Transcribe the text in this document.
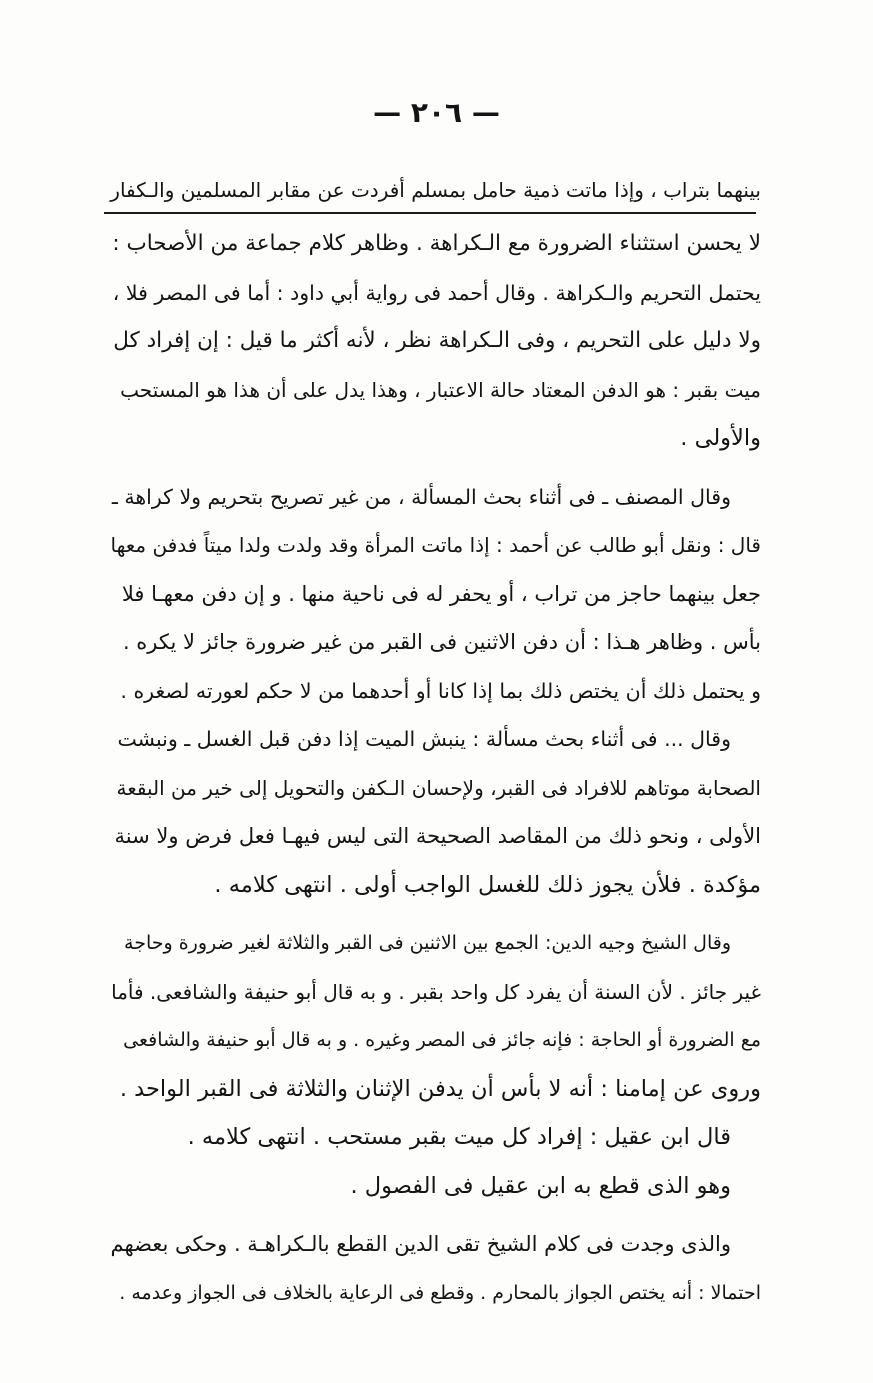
— ٢٠٦ —
بينهما بتراب ، وإذا ماتت ذمية حامل بمسلم أفردت عن مقابر المسلمين والـكفار
لا يحسن استثناء الضرورة مع الـكراهة . وظاهر كلام جماعة من الأصحاب :
يحتمل التحريم والـكراهة . وقال أحمد فى رواية أبي داود : أما فى المصر فلا ،
ولا دليل على التحريم ، وفى الـكراهة نظر ، لأنه أكثر ما قيل : إن إفراد كل
ميت بقبر : هو الدفن المعتاد حالة الاعتبار ، وهذا يدل على أن هذا هو المستحب
والأولى .
وقال المصنف ـ فى أثناء بحث المسألة ، من غير تصريح بتحريم ولا كراهة ـ
قال : ونقل أبو طالب عن أحمد : إذا ماتت المرأة وقد ولدت ولدا ميتاً فدفن معها
جعل بينهما حاجز من تراب ، أو يحفر له فى ناحية منها . و إن دفن معهـا فلا
بأس . وظاهر هـذا : أن دفن الاثنين فى القبر من غير ضرورة جائز لا يكره .
و يحتمل ذلك أن يختص ذلك بما إذا كانا أو أحدهما من لا حكم لعورته لصغره .
وقال ... فى أثناء بحث مسألة : ينبش الميت إذا دفن قبل الغسل ـ ونبشت
الصحابة موتاهم للافراد فى القبر، ولإحسان الـكفن والتحويل إلى خير من البقعة
الأولى ، ونحو ذلك من المقاصد الصحيحة التى ليس فيهـا فعل فرض ولا سنة
مؤكدة . فلأن يجوز ذلك للغسل الواجب أولى . انتهى كلامه .
وقال الشيخ وجيه الدين: الجمع بين الاثنين فى القبر والثلاثة لغير ضرورة وحاجة
غير جائز . لأن السنة أن يفرد كل واحد بقبر . و به قال أبو حنيفة والشافعى. فأما
مع الضرورة أو الحاجة : فإنه جائز فى المصر وغيره . و به قال أبو حنيفة والشافعى
وروى عن إمامنا : أنه لا بأس أن يدفن الإثنان والثلاثة فى القبر الواحد .
قال ابن عقيل : إفراد كل ميت بقبر مستحب . انتهى كلامه .
وهو الذى قطع به ابن عقيل فى الفصول .
والذى وجدت فى كلام الشيخ تقى الدين القطع بالـكراهـة . وحكى بعضهم
احتمالا : أنه يختص الجواز بالمحارم . وقطع فى الرعاية بالخلاف فى الجواز وعدمه .
